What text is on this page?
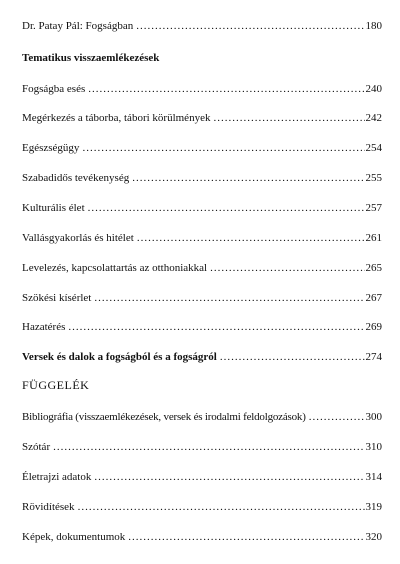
Dr. Patay Pál: Fogságban .....	180
Tematikus visszaemlékezések
Fogságba esés .....	240
Megérkezés a táborba, tábori körülmények .....	242
Egészségügy .....	254
Szabadidős tevékenység .....	255
Kulturális élet .....	257
Vallásgyakorlás és hitélet .....	261
Levelezés, kapcsolattartás az otthoniakkal .....	265
Szökési kísérlet .....	267
Hazatérés .....	269
Versek és dalok a fogságból és a fogságról .....	274
FÜGGELÉK
Bibliográfia (visszaemlékezések, versek és irodalmi feldolgozások) .....	300
Szótár .....	310
Életrajzi adatok .....	314
Rövidítések .....	319
Képek, dokumentumok .....	320
